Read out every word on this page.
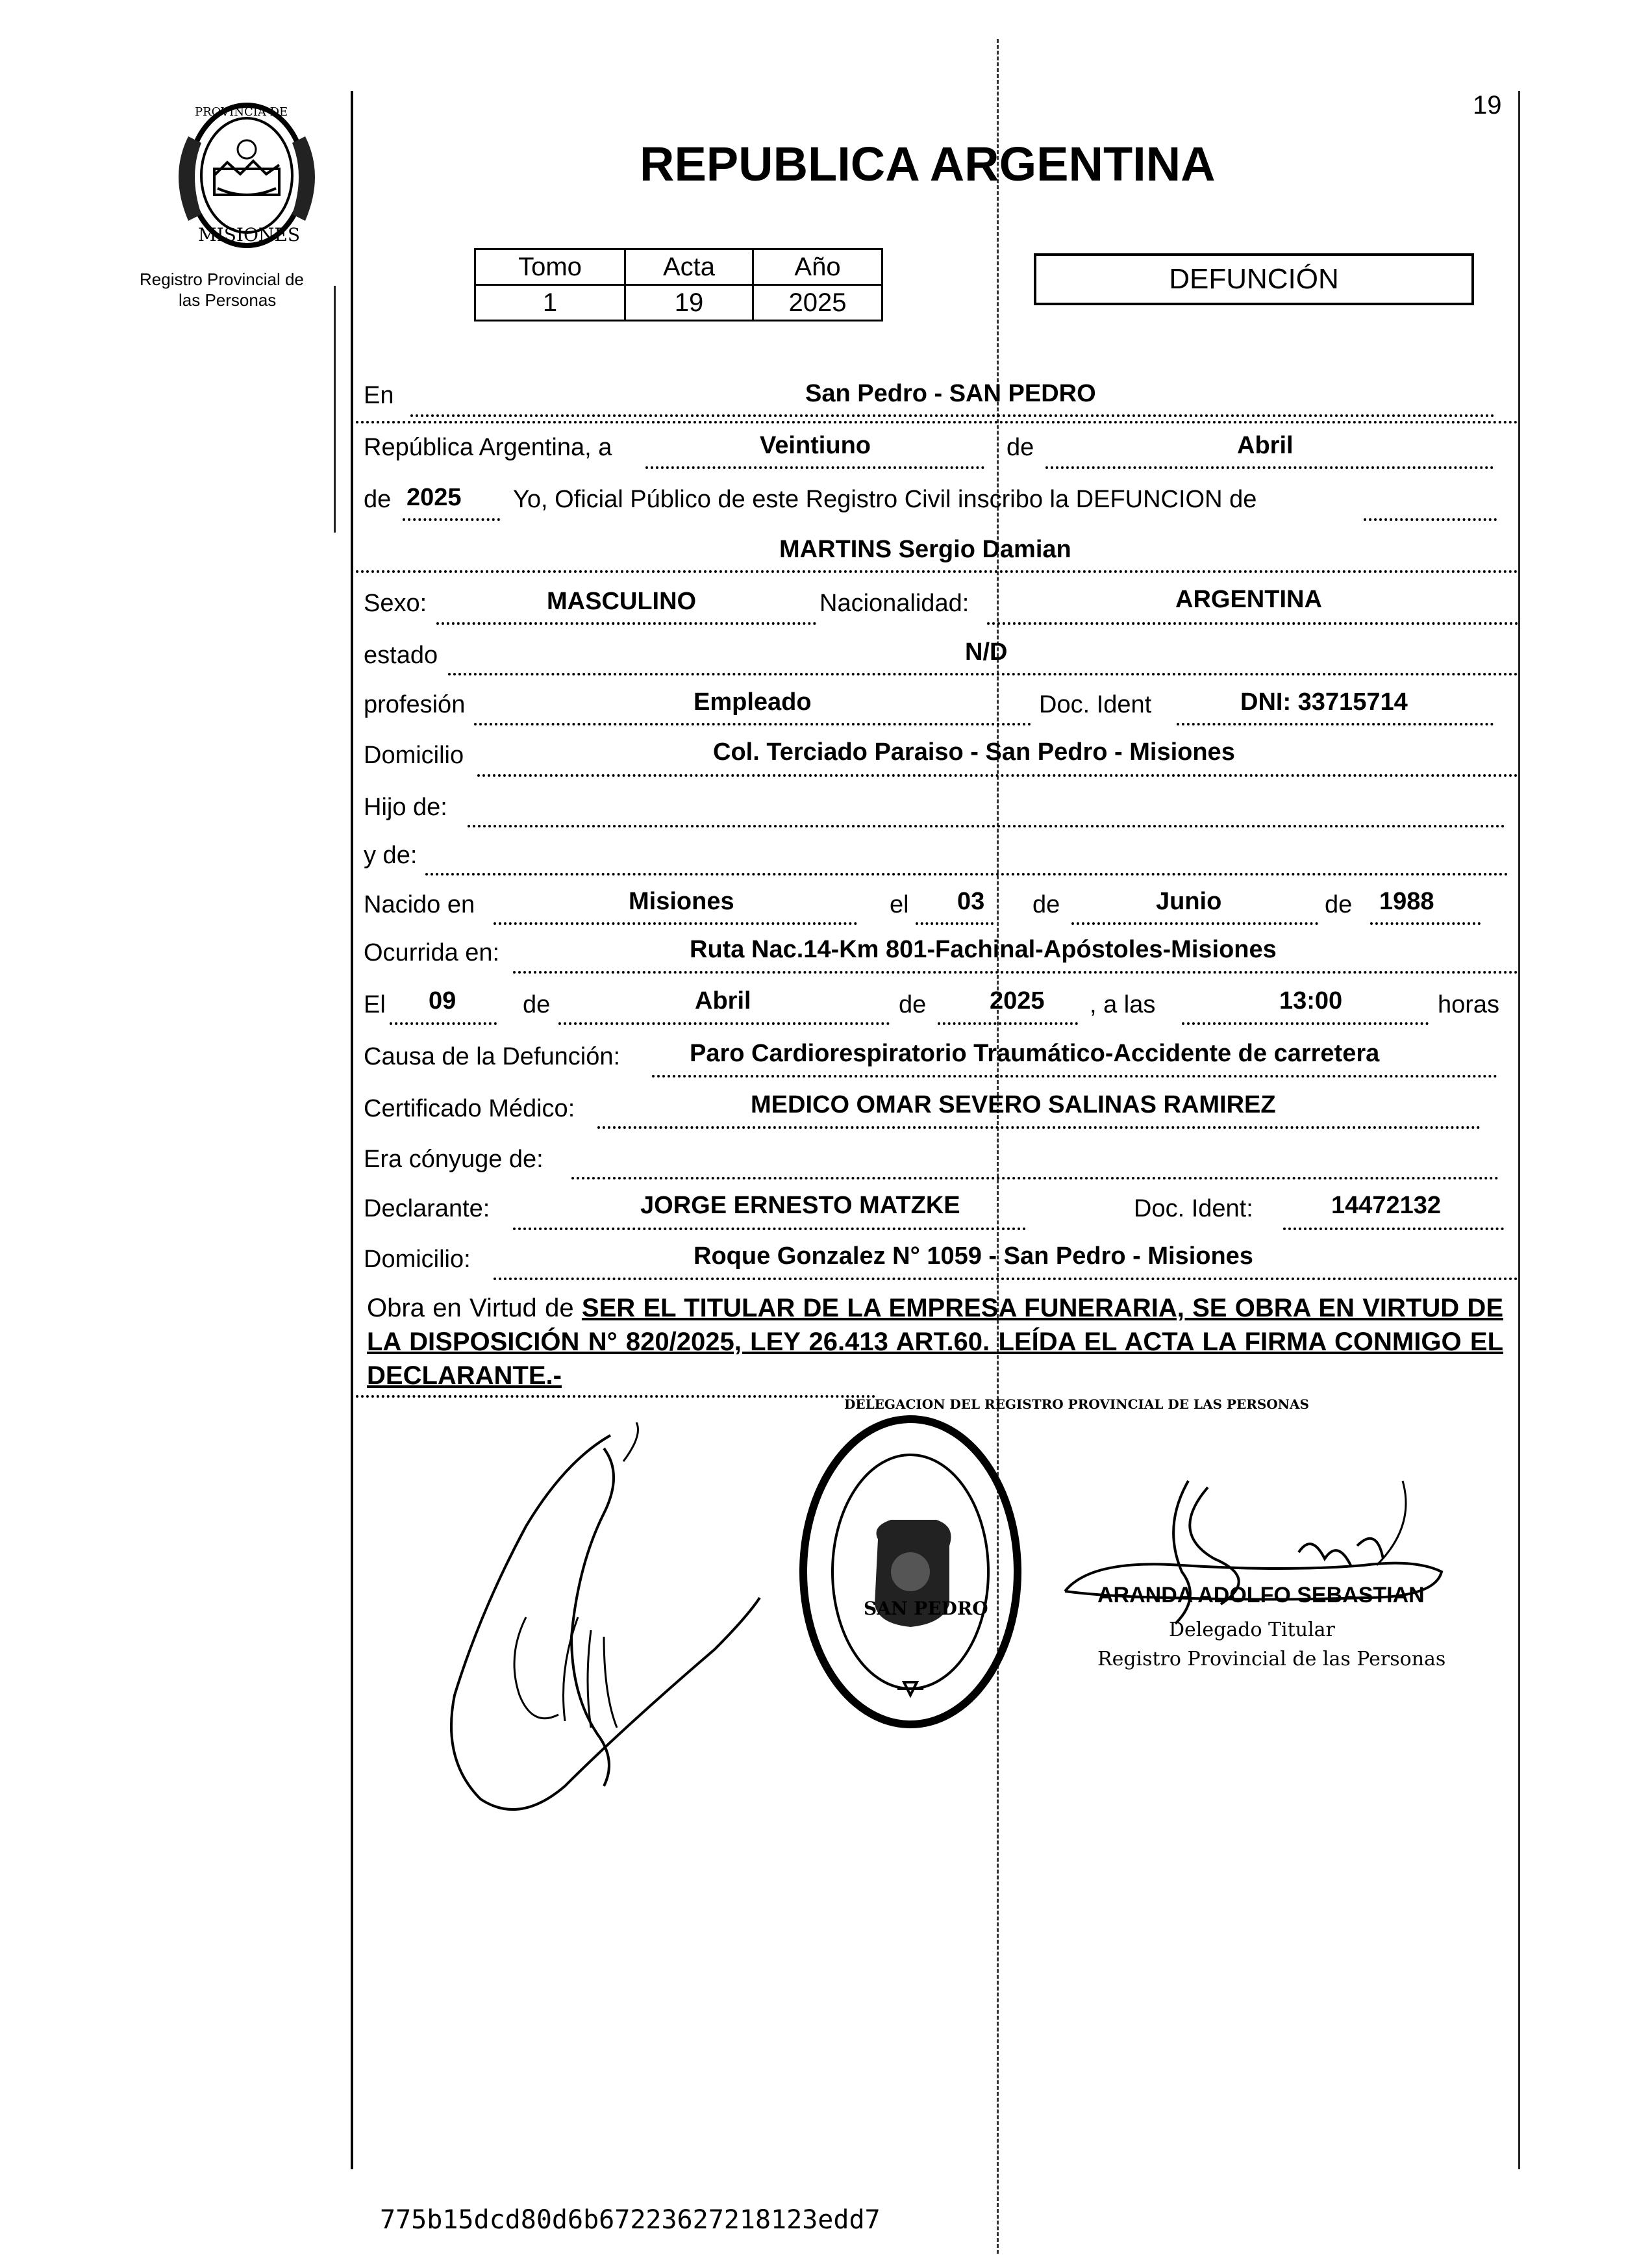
19
PROVINCIA DE
MISIONES
Registro Provincial de
las Personas
REPUBLICA ARGENTINA
Tomo	Acta	Año
1	19	2025
DEFUNCIÓN
En	San Pedro - SAN PEDRO
República Argentina, a	Veintiuno	de	Abril
de 2025 Yo, Oficial Público de este Registro Civil inscribo la DEFUNCION de
MARTINS Sergio Damian
Sexo:	MASCULINO	Nacionalidad:	ARGENTINA
estado	N/D
profesión	Empleado	Doc. Ident	DNI: 33715714
Domicilio	Col. Terciado Paraiso - San Pedro - Misiones
Hijo de:
y de:
Nacido en	Misiones	el 03 de	Junio	de 1988
Ocurrida en:	Ruta Nac.14-Km 801-Fachinal-Apóstoles-Misiones
El 09	de	Abril	de	2025 , a las	13:00	horas
Causa de la Defunción:	Paro Cardiorespiratorio Traumático-Accidente de carretera
Certificado Médico:	MEDICO OMAR SEVERO SALINAS RAMIREZ
Era cónyuge de:
Declarante:	JORGE ERNESTO MATZKE	Doc. Ident:	14472132
Domicilio:	Roque Gonzalez N° 1059 - San Pedro - Misiones
Obra en Virtud de SER EL TITULAR DE LA EMPRESA FUNERARIA, SE OBRA EN VIRTUD DE LA DISPOSICIÓN N° 820/2025, LEY 26.413 ART.60. LEÍDA EL ACTA LA FIRMA CONMIGO EL DECLARANTE.-
DELEGACION DEL REGISTRO PROVINCIAL DE LAS PERSONAS
SAN PEDRO
ARANDA ADOLFO SEBASTIAN
Delegado Titular
Registro Provincial de las Personas
775b15dcd80d6b67223627218123edd7
